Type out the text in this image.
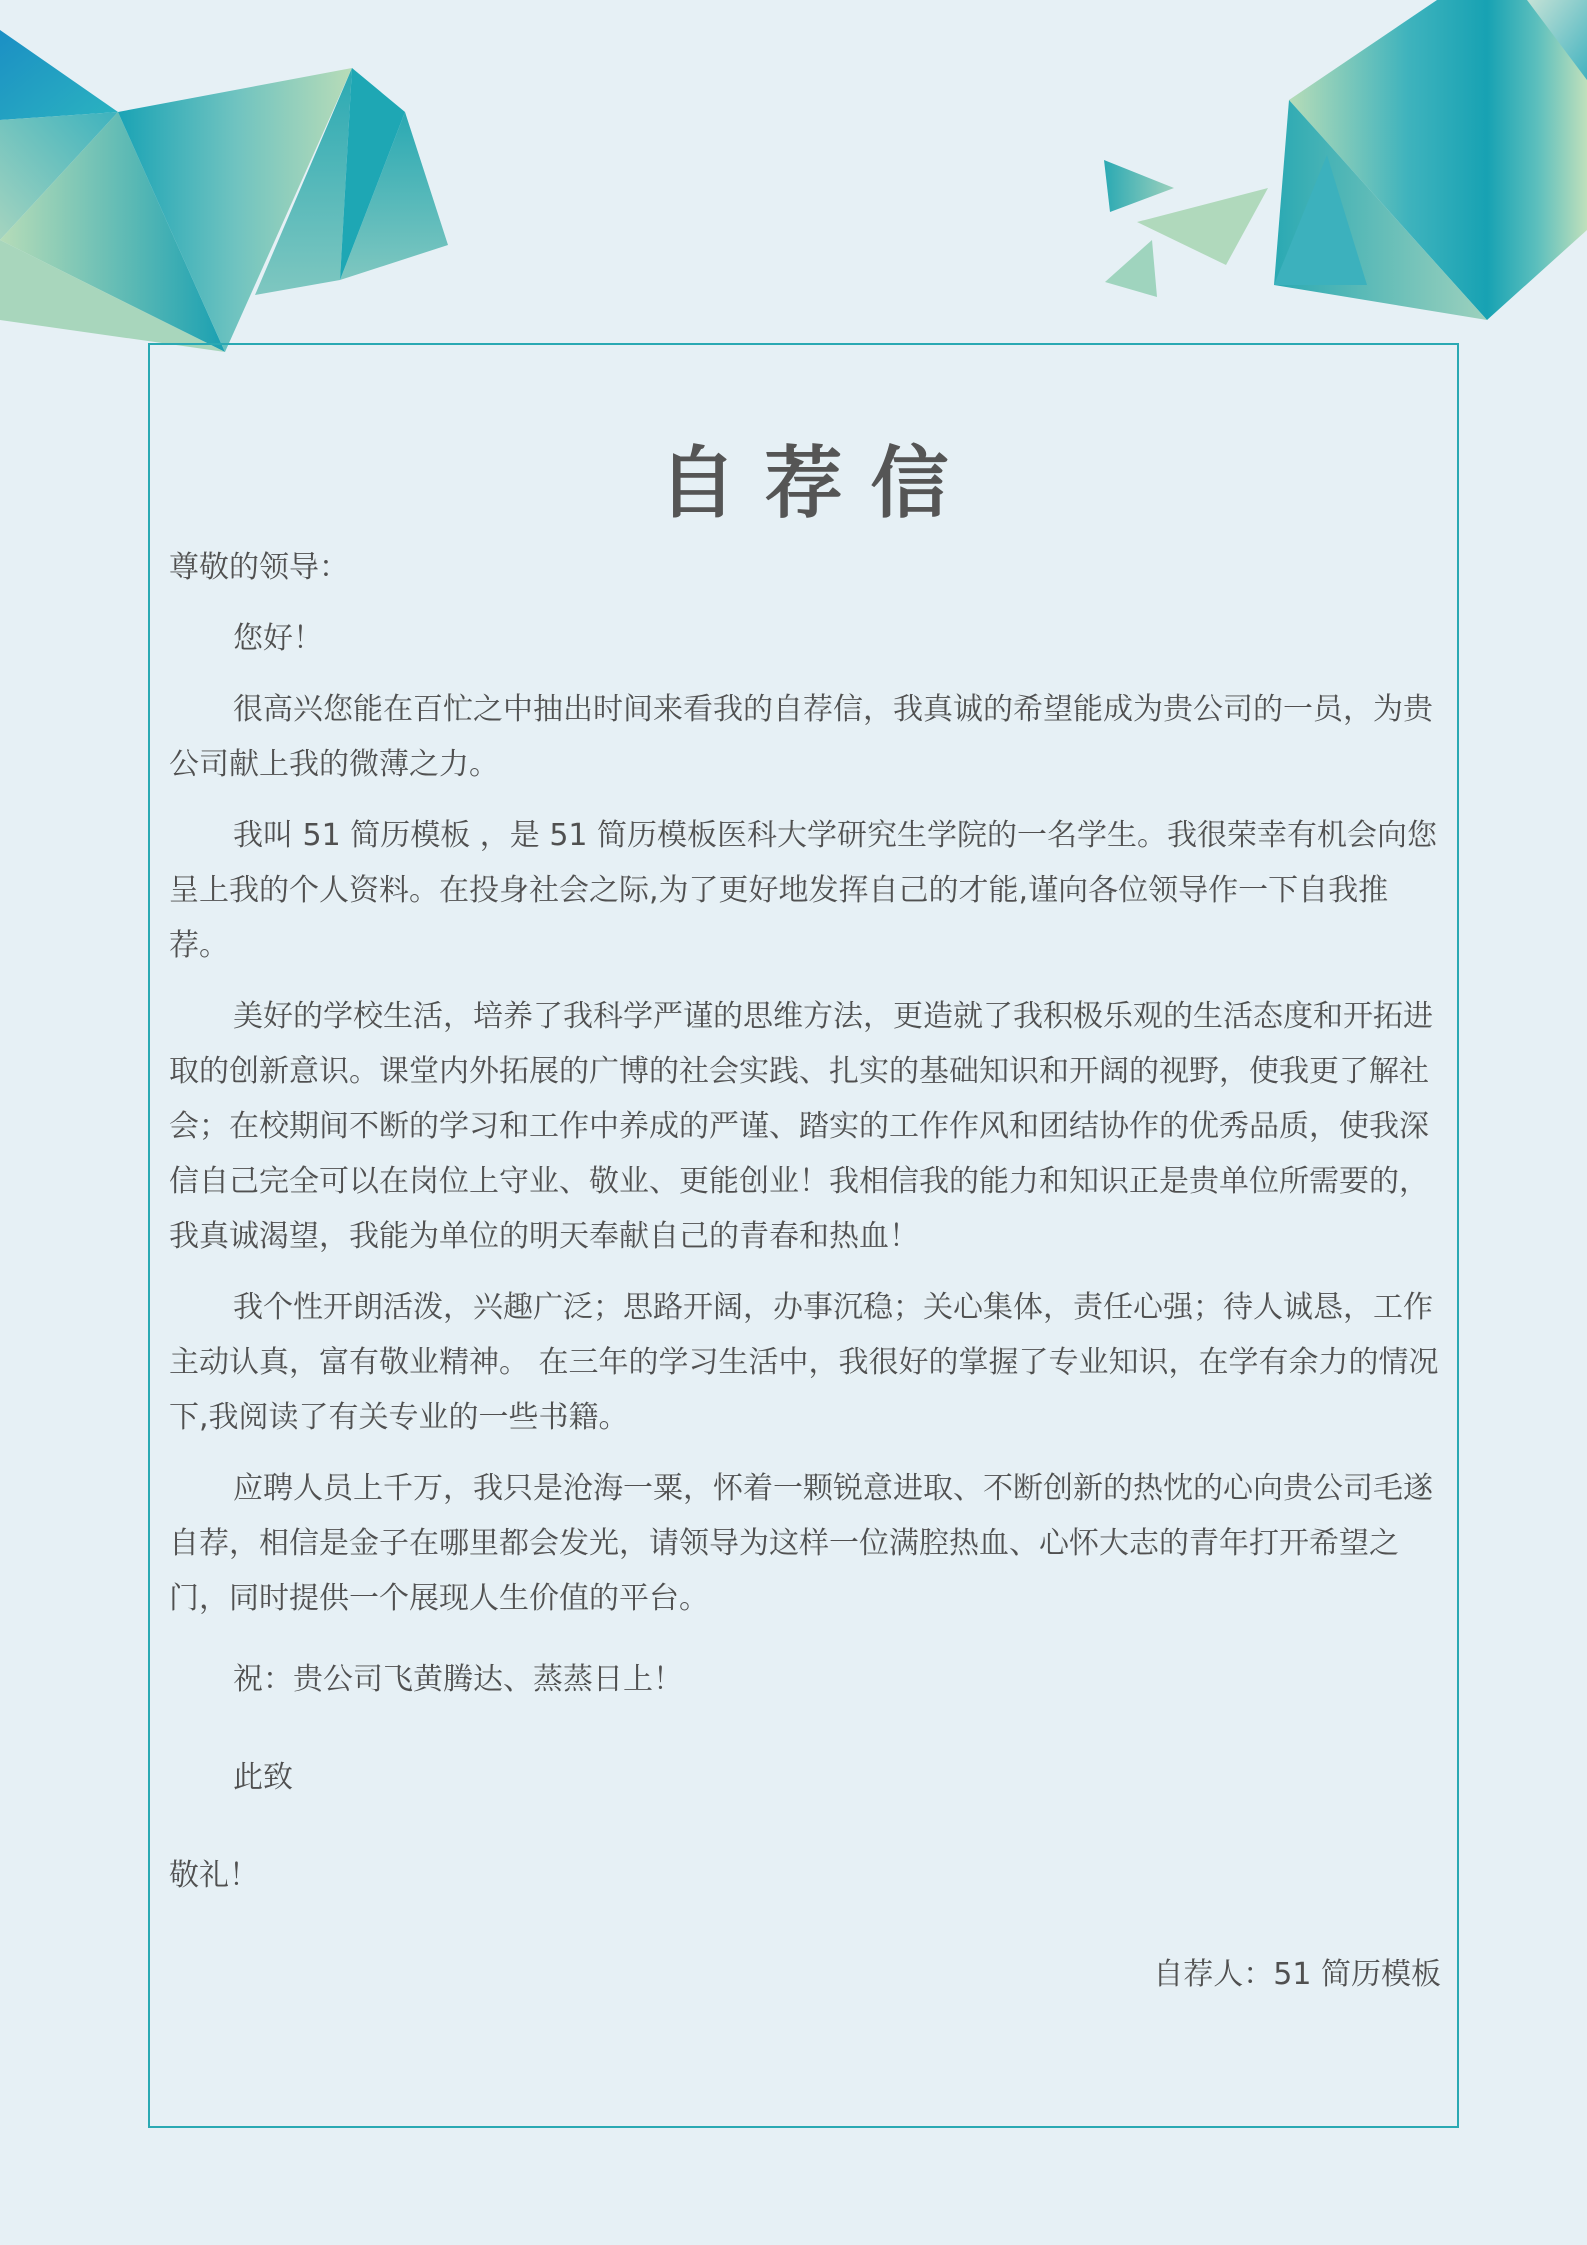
自荐信

尊敬的领导：

您好！

很高兴您能在百忙之中抽出时间来看我的自荐信，我真诚的希望能成为贵公司的一员，为贵公司献上我的微薄之力。

我叫 51 简历模板 ，是 51 简历模板医科大学研究生学院的一名学生。我很荣幸有机会向您呈上我的个人资料。在投身社会之际,为了更好地发挥自己的才能,谨向各位领导作一下自我推荐。

美好的学校生活，培养了我科学严谨的思维方法，更造就了我积极乐观的生活态度和开拓进取的创新意识。课堂内外拓展的广博的社会实践、扎实的基础知识和开阔的视野，使我更了解社会；在校期间不断的学习和工作中养成的严谨、踏实的工作作风和团结协作的优秀品质，使我深信自己完全可以在岗位上守业、敬业、更能创业！我相信我的能力和知识正是贵单位所需要的，我真诚渴望，我能为单位的明天奉献自己的青春和热血！

我个性开朗活泼，兴趣广泛；思路开阔，办事沉稳；关心集体，责任心强；待人诚恳，工作主动认真，富有敬业精神。 在三年的学习生活中，我很好的掌握了专业知识，在学有余力的情况下,我阅读了有关专业的一些书籍。

应聘人员上千万，我只是沧海一粟，怀着一颗锐意进取、不断创新的热忱的心向贵公司毛遂自荐，相信是金子在哪里都会发光，请领导为这样一位满腔热血、心怀大志的青年打开希望之门，同时提供一个展现人生价值的平台。

祝：贵公司飞黄腾达、蒸蒸日上！

此致

敬礼！

自荐人：51 简历模板
